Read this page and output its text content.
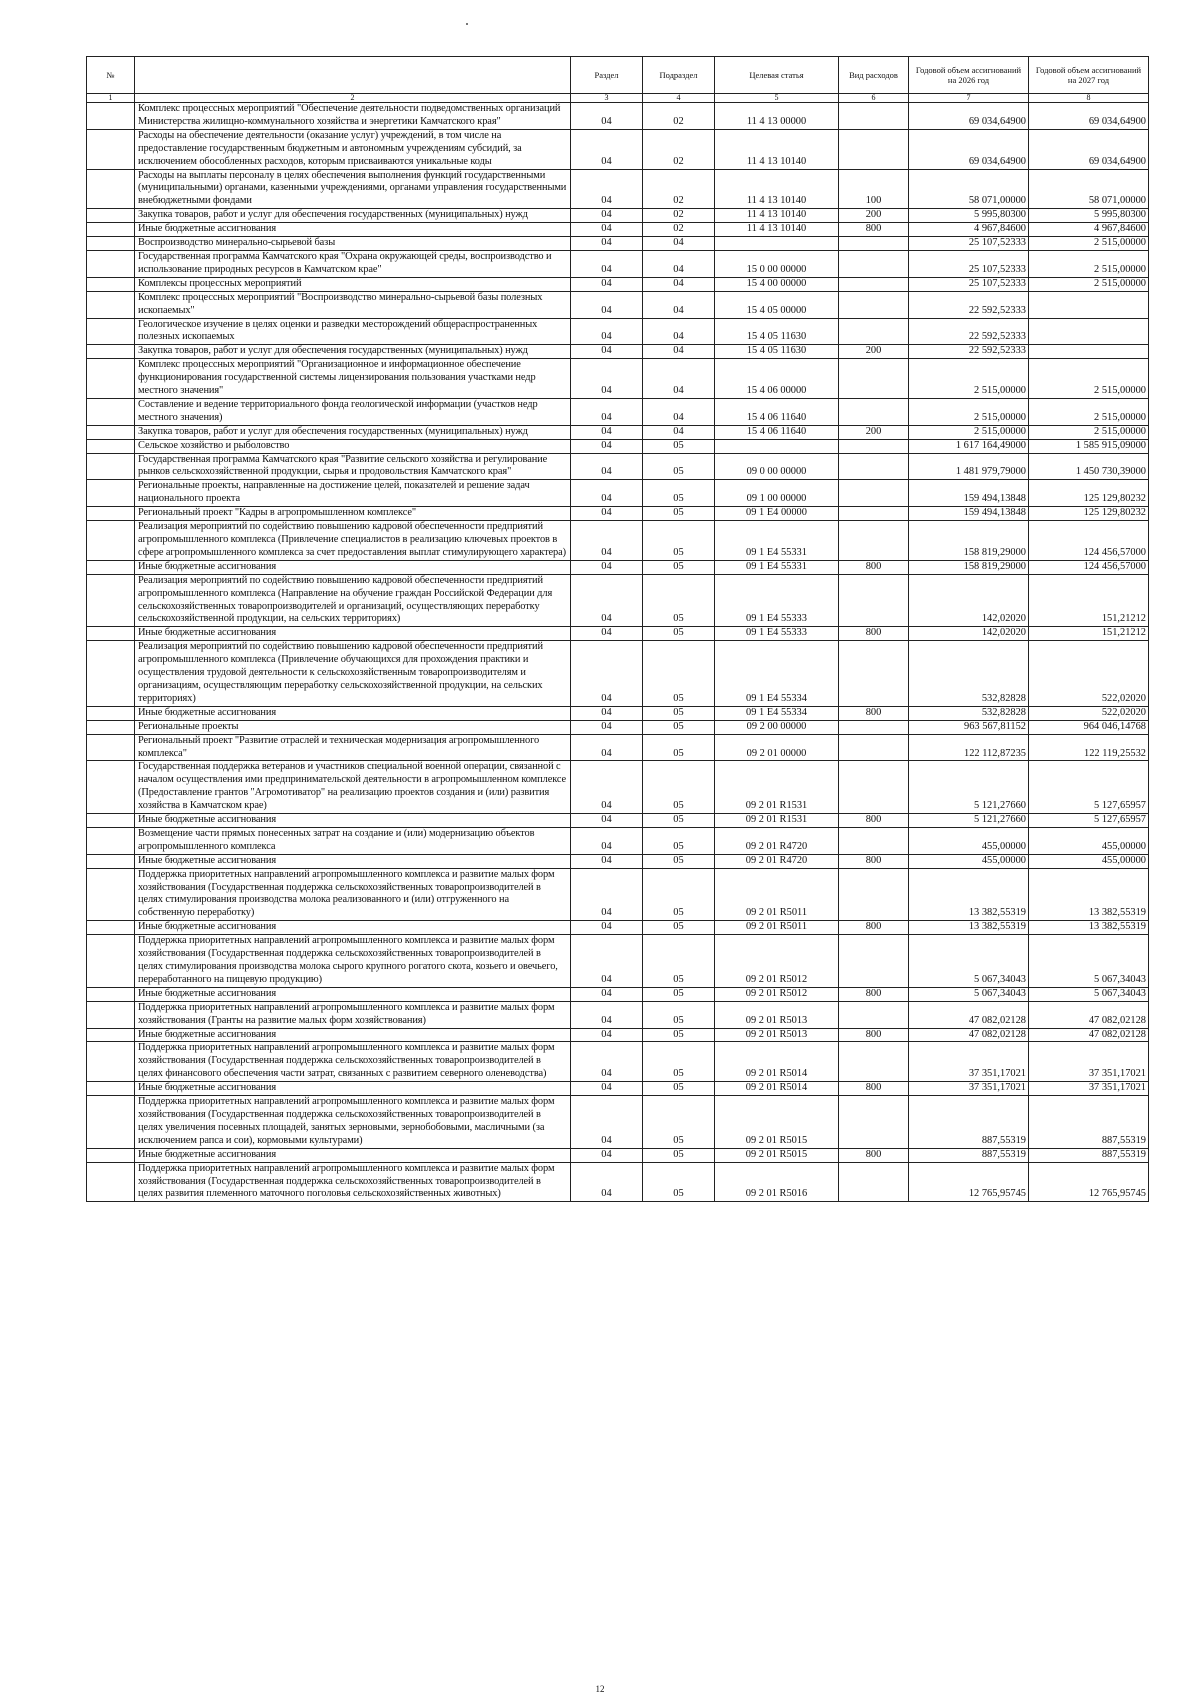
№		Раздел	Подраздел	Целевая статья	Вид расходов	Годовой объем ассигнований на 2026 год	Годовой объем ассигнований на 2027 год
1	2	3	4	5	6	7	8
	Комплекс процессных мероприятий "Обеспечение деятельности подведомственных организаций Министерства жилищно-коммунального хозяйства и энергетики Камчатского края"	04	02	11 4 13 00000		69 034,64900	69 034,64900
	Расходы на обеспечение деятельности (оказание услуг) учреждений, в том числе на предоставление государственным бюджетным и автономным учреждениям субсидий, за исключением обособленных расходов, которым присваиваются уникальные коды	04	02	11 4 13 10140		69 034,64900	69 034,64900
	Расходы на выплаты персоналу в целях обеспечения выполнения функций государственными (муниципальными) органами, казенными учреждениями, органами управления государственными внебюджетными фондами	04	02	11 4 13 10140	100	58 071,00000	58 071,00000
	Закупка товаров, работ и услуг для обеспечения государственных (муниципальных) нужд	04	02	11 4 13 10140	200	5 995,80300	5 995,80300
	Иные бюджетные ассигнования	04	02	11 4 13 10140	800	4 967,84600	4 967,84600
	Воспроизводство минерально-сырьевой базы	04	04			25 107,52333	2 515,00000
	Государственная программа Камчатского края "Охрана окружающей среды, воспроизводство и использование природных ресурсов в Камчатском крае"	04	04	15 0 00 00000		25 107,52333	2 515,00000
	Комплексы процессных мероприятий	04	04	15 4 00 00000		25 107,52333	2 515,00000
	Комплекс процессных мероприятий "Воспроизводство минерально-сырьевой базы полезных ископаемых"	04	04	15 4 05 00000		22 592,52333	
	Геологическое изучение в целях оценки и разведки месторождений общераспространенных полезных ископаемых	04	04	15 4 05 11630		22 592,52333	
	Закупка товаров, работ и услуг для обеспечения государственных (муниципальных) нужд	04	04	15 4 05 11630	200	22 592,52333	
	Комплекс процессных мероприятий "Организационное и информационное обеспечение функционирования государственной системы лицензирования пользования участками недр местного значения"	04	04	15 4 06 00000		2 515,00000	2 515,00000
	Составление и ведение территориального фонда геологической информации (участков недр местного значения)	04	04	15 4 06 11640		2 515,00000	2 515,00000
	Закупка товаров, работ и услуг для обеспечения государственных (муниципальных) нужд	04	04	15 4 06 11640	200	2 515,00000	2 515,00000
	Сельское хозяйство и рыболовство	04	05			1 617 164,49000	1 585 915,09000
	Государственная программа Камчатского края "Развитие сельского хозяйства и регулирование рынков сельскохозяйственной продукции, сырья и продовольствия Камчатского края"	04	05	09 0 00 00000		1 481 979,79000	1 450 730,39000
	Региональные проекты, направленные на достижение целей, показателей и решение задач национального проекта	04	05	09 1 00 00000		159 494,13848	125 129,80232
	Региональный проект "Кадры в агропромышленном комплексе"	04	05	09 1 E4 00000		159 494,13848	125 129,80232
	Реализация мероприятий по содействию повышению кадровой обеспеченности предприятий агропромышленного комплекса (Привлечение специалистов в реализацию ключевых проектов в сфере агропромышленного комплекса за счет предоставления выплат стимулирующего характера)	04	05	09 1 E4 55331		158 819,29000	124 456,57000
	Иные бюджетные ассигнования	04	05	09 1 E4 55331	800	158 819,29000	124 456,57000
	Реализация мероприятий по содействию повышению кадровой обеспеченности предприятий агропромышленного комплекса (Направление на обучение граждан Российской Федерации для сельскохозяйственных товаропроизводителей и организаций, осуществляющих переработку сельскохозяйственной продукции, на сельских территориях)	04	05	09 1 E4 55333		142,02020	151,21212
	Иные бюджетные ассигнования	04	05	09 1 E4 55333	800	142,02020	151,21212
	Реализация мероприятий по содействию повышению кадровой обеспеченности предприятий агропромышленного комплекса (Привлечение обучающихся для прохождения практики и осуществления трудовой деятельности к сельскохозяйственным товаропроизводителям и организациям, осуществляющим переработку сельскохозяйственной продукции, на сельских территориях)	04	05	09 1 E4 55334		532,82828	522,02020
	Иные бюджетные ассигнования	04	05	09 1 E4 55334	800	532,82828	522,02020
	Региональные проекты	04	05	09 2 00 00000		963 567,81152	964 046,14768
	Региональный проект "Развитие отраслей и техническая модернизация агропромышленного комплекса"	04	05	09 2 01 00000		122 112,87235	122 119,25532
	Государственная поддержка ветеранов и участников специальной военной операции, связанной с началом осуществления ими предпринимательской деятельности в агропромышленном комплексе (Предоставление грантов "Агромотиватор" на реализацию проектов создания и (или) развития хозяйства в Камчатском крае)	04	05	09 2 01 R1531		5 121,27660	5 127,65957
	Иные бюджетные ассигнования	04	05	09 2 01 R1531	800	5 121,27660	5 127,65957
	Возмещение части прямых понесенных затрат на создание и (или) модернизацию объектов агропромышленного комплекса	04	05	09 2 01 R4720		455,00000	455,00000
	Иные бюджетные ассигнования	04	05	09 2 01 R4720	800	455,00000	455,00000
	Поддержка приоритетных направлений агропромышленного комплекса и развитие малых форм хозяйствования (Государственная поддержка сельскохозяйственных товаропроизводителей в целях стимулирования производства молока реализованного и (или) отгруженного на собственную переработку)	04	05	09 2 01 R5011		13 382,55319	13 382,55319
	Иные бюджетные ассигнования	04	05	09 2 01 R5011	800	13 382,55319	13 382,55319
	Поддержка приоритетных направлений агропромышленного комплекса и развитие малых форм хозяйствования (Государственная поддержка сельскохозяйственных товаропроизводителей в целях стимулирования производства молока сырого крупного рогатого скота, козьего и овечьего, переработанного на пищевую продукцию)	04	05	09 2 01 R5012		5 067,34043	5 067,34043
	Иные бюджетные ассигнования	04	05	09 2 01 R5012	800	5 067,34043	5 067,34043
	Поддержка приоритетных направлений агропромышленного комплекса и развитие малых форм хозяйствования (Гранты на развитие малых форм хозяйствования)	04	05	09 2 01 R5013		47 082,02128	47 082,02128
	Иные бюджетные ассигнования	04	05	09 2 01 R5013	800	47 082,02128	47 082,02128
	Поддержка приоритетных направлений агропромышленного комплекса и развитие малых форм хозяйствования (Государственная поддержка сельскохозяйственных товаропроизводителей в целях финансового обеспечения части затрат, связанных с развитием северного оленеводства)	04	05	09 2 01 R5014		37 351,17021	37 351,17021
	Иные бюджетные ассигнования	04	05	09 2 01 R5014	800	37 351,17021	37 351,17021
	Поддержка приоритетных направлений агропромышленного комплекса и развитие малых форм хозяйствования (Государственная поддержка сельскохозяйственных товаропроизводителей в целях увеличения посевных площадей, занятых зерновыми, зернобобовыми, масличными (за исключением рапса и сои), кормовыми культурами)	04	05	09 2 01 R5015		887,55319	887,55319
	Иные бюджетные ассигнования	04	05	09 2 01 R5015	800	887,55319	887,55319
	Поддержка приоритетных направлений агропромышленного комплекса и развитие малых форм хозяйствования (Государственная поддержка сельскохозяйственных товаропроизводителей в целях развития племенного маточного поголовья сельскохозяйственных животных)	04	05	09 2 01 R5016		12 765,95745	12 765,95745
12
